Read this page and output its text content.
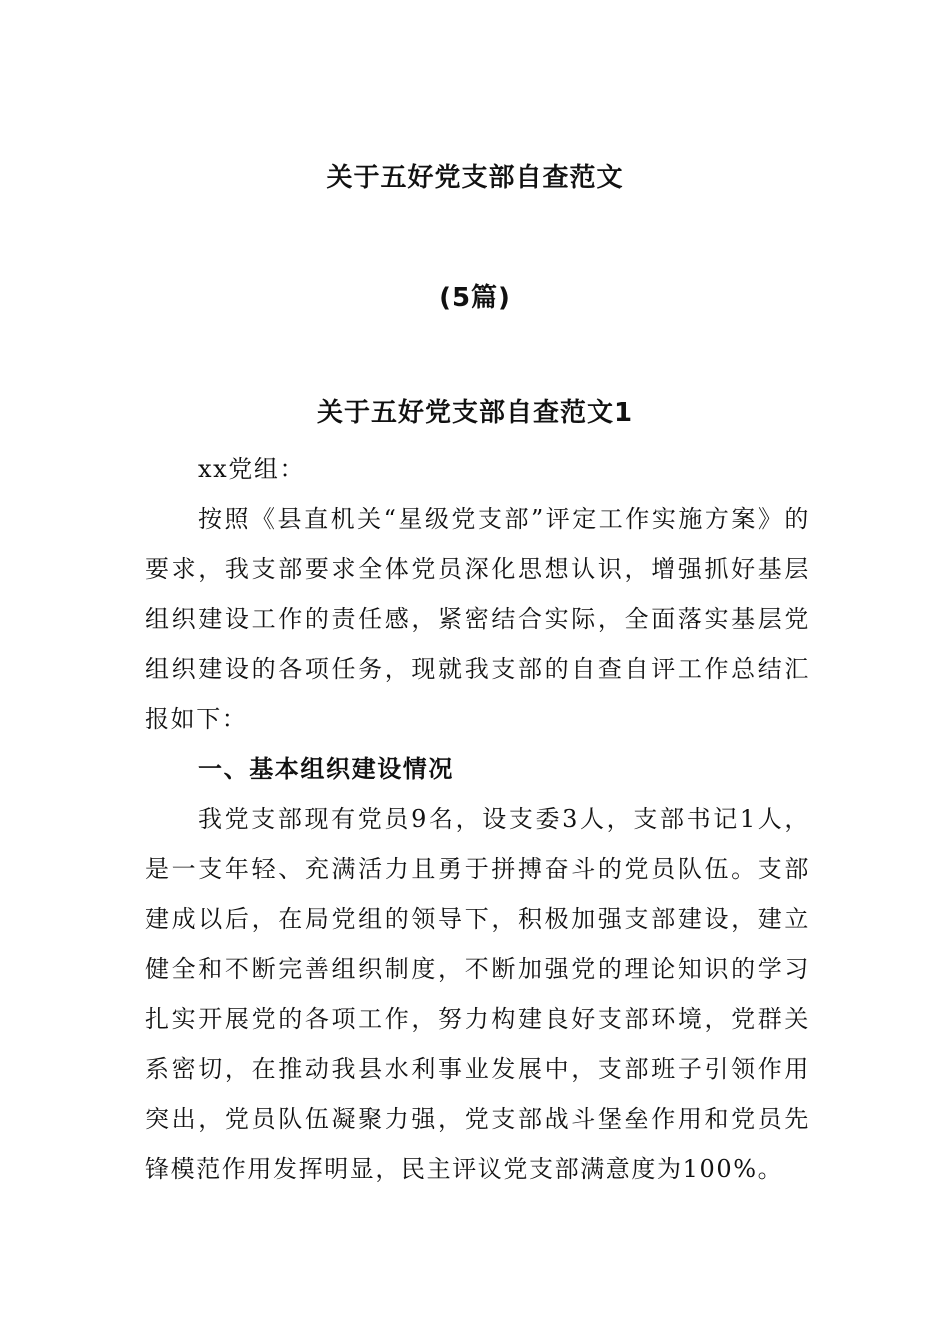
关于五好党支部自查范文
(5篇)
关于五好党支部自查范文1

xx党组：

按照《县直机关“星级党支部”评定工作实施方案》的要求，我支部要求全体党员深化思想认识，增强抓好基层组织建设工作的责任感，紧密结合实际，全面落实基层党组织建设的各项任务，现就我支部的自查自评工作总结汇报如下：

一、基本组织建设情况

我党支部现有党员9名，设支委3人，支部书记1人，是一支年轻、充满活力且勇于拼搏奋斗的党员队伍。支部建成以后，在局党组的领导下，积极加强支部建设，建立健全和不断完善组织制度，不断加强党的理论知识的学习扎实开展党的各项工作，努力构建良好支部环境，党群关系密切，在推动我县水利事业发展中，支部班子引领作用突出，党员队伍凝聚力强，党支部战斗堡垒作用和党员先锋模范作用发挥明显，民主评议党支部满意度为100%。
